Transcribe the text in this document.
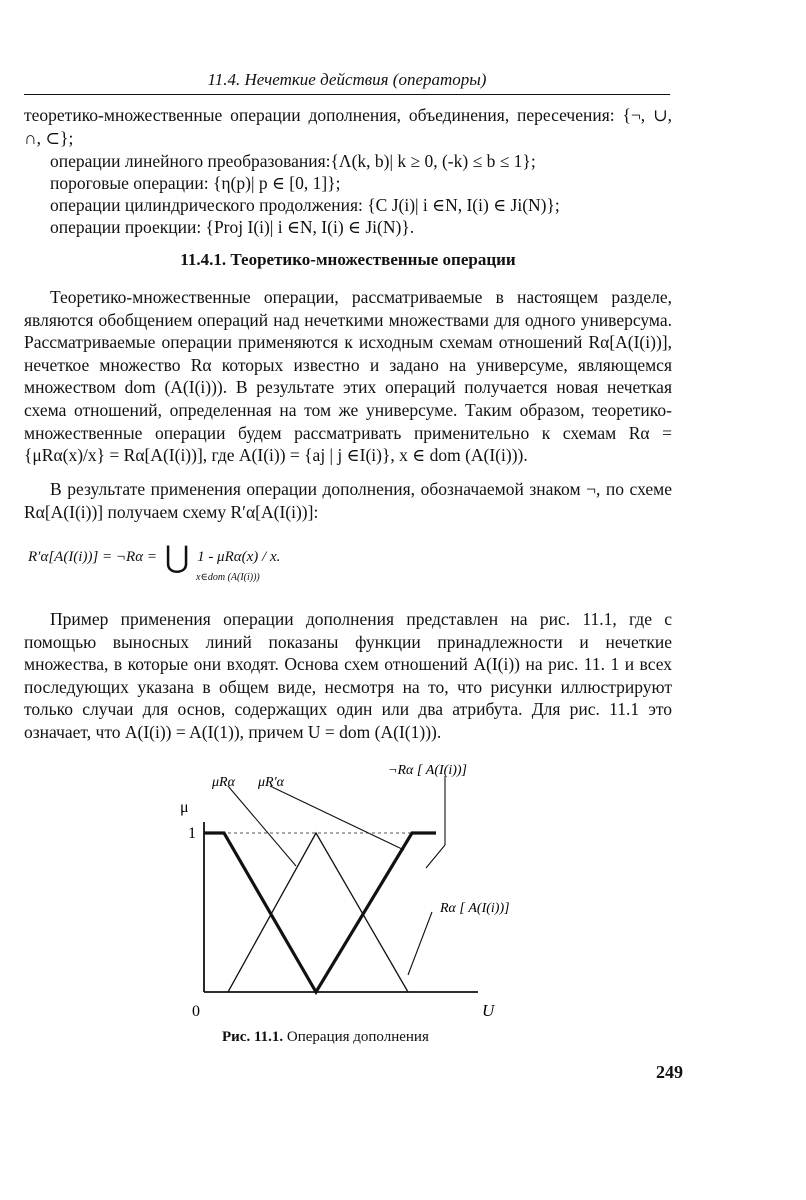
11.4. Нечеткие действия (операторы)
теоретико-множественные операции дополнения, объединения, пересечения: {¬, ∪, ∩, ⊂};
операции линейного преобразования:{Λ(k, b)| k ≥ 0, (-k) ≤ b ≤ 1};
пороговые операции: {η(p)| p ∈ [0, 1]};
операции цилиндрического продолжения: {C J(i)| i ∈N, I(i) ∈ Ji(N)};
операции проекции: {Proj I(i)| i ∈N, I(i) ∈ Ji(N)}.
11.4.1. Теоретико-множественные операции
Теоретико-множественные операции, рассматриваемые в настоящем разделе, являются обобщением операций над нечеткими множествами для одного универсума. Рассматриваемые операции применяются к исходным схемам отношений Rα[A(I(i))], нечеткое множество Rα которых известно и задано на универсуме, являющемся множеством dom (A(I(i))). В результате этих операций получается новая нечеткая схема отношений, определенная на том же универсуме. Таким образом, теоретико-множественные операции будем рассматривать применительно к схемам Rα = {μRα(x)/x} = Rα[A(I(i))], где A(I(i)) = {aj | j ∈I(i)}, x ∈ dom (A(I(i))).
В результате применения операции дополнения, обозначаемой знаком ¬, по схеме Rα[A(I(i))] получаем схему R′α[A(I(i))]:
R′α[A(I(i))] = ¬Rα = ⋃ 1 - μRα(x) / x.
x∈dom (A(I(i)))
Пример применения операции дополнения представлен на рис. 11.1, где с помощью выносных линий показаны функции принадлежности и нечеткие множества, в которые они входят. Основа схем отношений A(I(i)) на рис. 11. 1 и всех последующих указана в общем виде, несмотря на то, что рисунки иллюстрируют только случаи для основ, содержащих один или два атрибута. Для рис. 11.1 это означает, что A(I(i)) = A(I(1)), причем U = dom (A(I(1))).
μRα μR′α
¬Rα [ A(I(i))]
Rα [ A(I(i))]
μ
1
0	U
Рис. 11.1. Операция дополнения
249
